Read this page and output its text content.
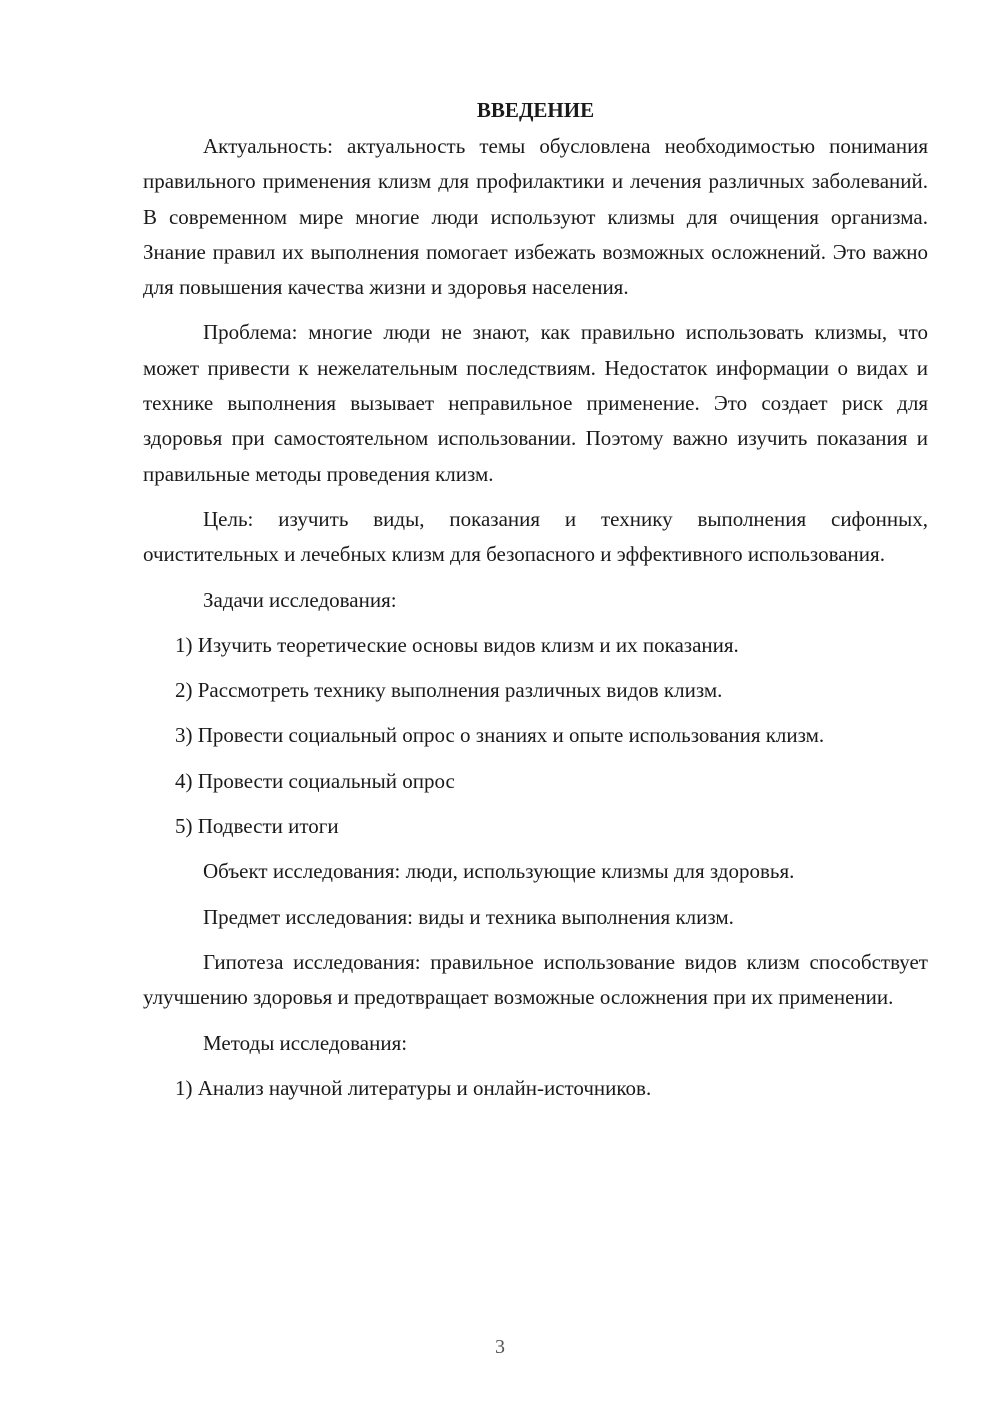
ВВЕДЕНИЕ

Актуальность: актуальность темы обусловлена необходимостью понимания правильного применения клизм для профилактики и лечения различных заболеваний. В современном мире многие люди используют клизмы для очищения организма. Знание правил их выполнения помогает избежать возможных осложнений. Это важно для повышения качества жизни и здоровья населения.

Проблема: многие люди не знают, как правильно использовать клизмы, что может привести к нежелательным последствиям. Недостаток информации о видах и технике выполнения вызывает неправильное применение. Это создает риск для здоровья при самостоятельном использовании. Поэтому важно изучить показания и правильные методы проведения клизм.

Цель: изучить виды, показания и технику выполнения сифонных, очистительных и лечебных клизм для безопасного и эффективного использования.

Задачи исследования:

1) Изучить теоретические основы видов клизм и их показания.

2) Рассмотреть технику выполнения различных видов клизм.

3) Провести социальный опрос о знаниях и опыте использования клизм.

4) Провести социальный опрос

5) Подвести итоги

Объект исследования: люди, использующие клизмы для здоровья.

Предмет исследования: виды и техника выполнения клизм.

Гипотеза исследования: правильное использование видов клизм способствует улучшению здоровья и предотвращает возможные осложнения при их применении.

Методы исследования:

1) Анализ научной литературы и онлайн-источников.

3
